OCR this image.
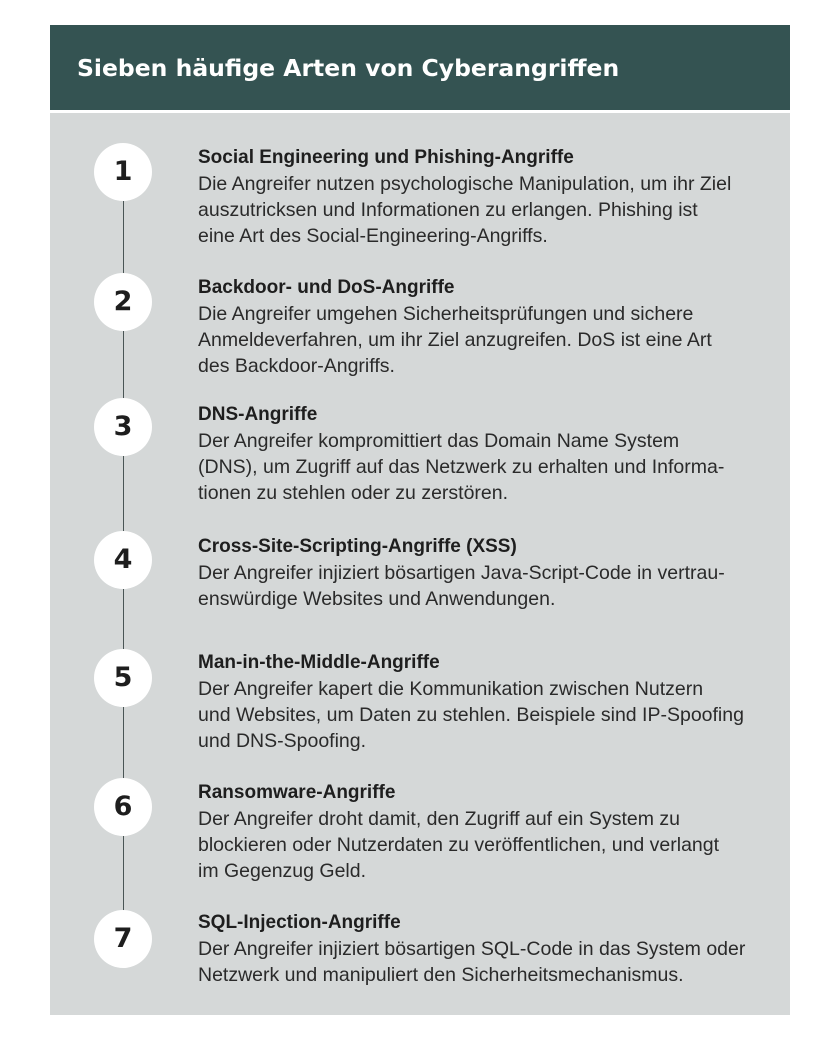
Sieben häufige Arten von Cyberangriffen
1	Social Engineering und Phishing-Angriffe
Die Angreifer nutzen psychologische Manipulation, um ihr Ziel
auszutricksen und Informationen zu erlangen. Phishing ist
eine Art des Social-Engineering-Angriffs.
2	Backdoor- und DoS-Angriffe
Die Angreifer umgehen Sicherheitsprüfungen und sichere
Anmeldeverfahren, um ihr Ziel anzugreifen. DoS ist eine Art
des Backdoor-Angriffs.
3	DNS-Angriffe
Der Angreifer kompromittiert das Domain Name System
(DNS), um Zugriff auf das Netzwerk zu erhalten und Informa-
tionen zu stehlen oder zu zerstören.
4	Cross-Site-Scripting-Angriffe (XSS)
Der Angreifer injiziert bösartigen Java-Script-Code in vertrau-
enswürdige Websites und Anwendungen.
5	Man-in-the-Middle-Angriffe
Der Angreifer kapert die Kommunikation zwischen Nutzern
und Websites, um Daten zu stehlen. Beispiele sind IP-Spoofing
und DNS-Spoofing.
6	Ransomware-Angriffe
Der Angreifer droht damit, den Zugriff auf ein System zu
blockieren oder Nutzerdaten zu veröffentlichen, und verlangt
im Gegenzug Geld.
7
SQL-Injection-Angriffe
Der Angreifer injiziert bösartigen SQL-Code in das System oder
Netzwerk und manipuliert den Sicherheitsmechanismus.
